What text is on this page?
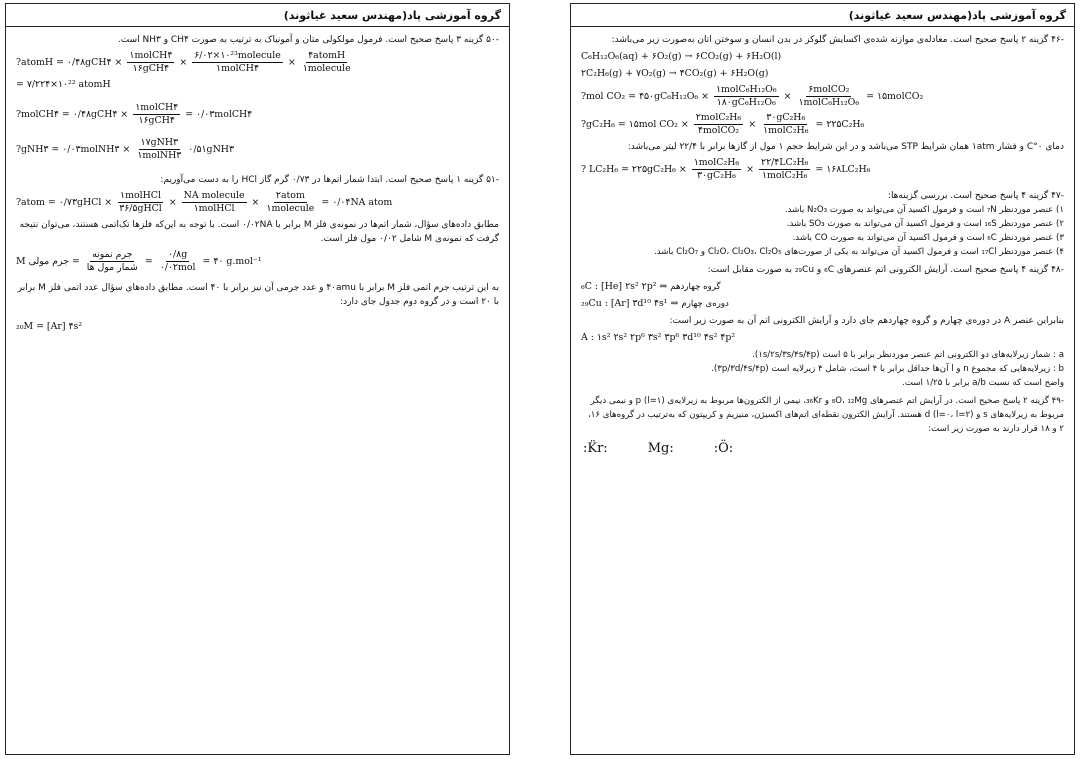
گروه آموزشی پاد(مهندس سعید غیاثوند)
-۵۰ گزینه ۳ پاسخ صحیح است. فرمول مولکولی متان و آمونیاک به ترتیب به صورت CH۴ و NH۳ است.
?atomH = ۰/۴۸gCH۴ × $\frac{\text{۱molCH۴}}{\text{۱۶gCH۴}} \times \frac{\text{۶/۰۲×۱۰²³molecule}}{\text{۱molCH۴}} \times \frac{\text{۴atomH}}{\text{۱molecule}}$
= ۷/۲۲۴×۱۰²² atomH
?molCH۴ = ۰/۴۸gCH۴ × $\frac{\text{۱molCH۴}}{\text{۱۶gCH۴}}$ = ۰/۰۳molCH۴
?gNH۳ = ۰/۰۳molNH۳ × $\frac{\text{۱۷gNH۳}}{\text{۱molNH۳}}$ ۰/۵۱gNH۳
-۵۱ گزینه ۱ پاسخ صحیح است. ابتدا شمار اتم‌ها در ۰/۷۳ گرم گاز HCl را به دست می‌آوریم:
?atom = ۰/۷۳gHCl × $\frac{\text{۱molHCl}}{\text{۳۶/۵gHCl}} \times \frac{\text{NA molecule}}{\text{۱molHCl}} \times \frac{\text{۲atom}}{\text{۱molecule}}$ = ۰/۰۴NA atom
مطابق داده‌های سؤال، شمار اتم‌ها در نمونه‌ی فلز M برابر با ۰/۰۲NA است. با توجه به این‌که فلزها تک‌اتمی هستند، می‌توان نتیجه گرفت که نمونه‌ی M شامل ۰/۰۲ مول فلز است.
M جرم مولی = $\frac{\text{جرم نمونه}}{\text{شمار مول ها}} = \frac{۰/۸g}{\text{۰/۰۲mol}}$ = ۴۰ g.mol⁻¹
به این ترتیب جرم اتمی فلز M برابر با ۴۰amu و عدد جرمی آن نیز برابر با ۴۰ است. مطابق داده‌های سؤال عدد اتمی فلز M برابر با ۲۰ است و در گروه دوم جدول جای دارد:
₂₀M = [Ar] ۴s²
گروه آموزشی پاد(مهندس سعید غیاثوند)
-۴۶ گزینه ۲ پاسخ صحیح است. معادله‌ی موازنه شده‌ی اکسایش گلوکز در بدن انسان و سوختن اتان به‌صورت زیر می‌باشد:
C₆H₁₂O₆(aq) + ۶O₂(g) → ۶CO₂(g) + ۶H₂O(l)
۲C₂H₆(g) + ۷O₂(g) → ۴CO₂(g) + ۶H₂O(g)
?mol CO₂ = ۴۵۰gC₆H₁₂O₆ × $\frac{\text{۱molC₆H₁₂O₆}}{\text{۱۸۰gC₆H₁₂O₆}} \times \frac{\text{۶molCO₂}}{\text{۱molC₆H₁₂O₆}}$ = ۱۵molCO₂
?gC₂H₆ = ۱۵mol $CO_2 \times \frac{\text{۲molC₂H₆}}{\text{۴molCO₂}} \times \frac{\text{۳۰gC₂H₆}}{\text{۱molC₂H₆}}$ = ۲۲۵C₂H₆
دمای ۰°C و فشار ۱atm همان شرایط STP می‌باشد و در این شرایط حجم ۱ مول از گازها برابر با ۲۲/۴ لیتر می‌باشد:
? LC₂H₆ = ۲۲۵gC₂H₆ × $\frac{\text{۱molC₂H₆}}{\text{۳۰gC₂H₆}} \times \frac{\text{۲۲/۴LC₂H₆}}{\text{۱molC₂H₆}}$ = ۱۶۸LC₂H₆
-۴۷ گزینه ۴ پاسخ صحیح است. بررسی گزینه‌ها:
۱) عنصر موردنظر ₇N است و فرمول اکسید آن می‌تواند به صورت N₂O₃ باشد.
۲) عنصر موردنظر ₁₆S است و فرمول اکسید آن می‌تواند به صورت SO₃ باشد.
۳) عنصر موردنظر ₆C است و فرمول اکسید آن می‌تواند به صورت CO باشد.
۴) عنصر موردنظر ₁₇Cl است و فرمول اکسید آن می‌تواند به یکی از صورت‌های Cl₂O، Cl₂O₃، Cl₂O₅ و Cl₂O₇ باشد.
-۴۸ گزینه ۴ پاسخ صحیح است. آرایش الکترونی اتم عنصرهای ₆C و ₂₉Cu به صورت مقابل است:
₆C : [He] ۲s² ۲p² ⇒ گروه چهاردهم
₂₉Cu : [Ar] ۳d¹⁰ ۴s¹ ⇒ دوره‌ی چهارم
بنابراین عنصر A در دوره‌ی چهارم و گروه چهاردهم جای دارد و آرایش الکترونی اتم آن به صورت زیر است:
A : ۱s² ۲s² ۲p⁶ ۳s² ۳p⁶ ۳d¹⁰ ۴s² ۴p²
a : شمار زیرلایه‌های دو الکترونی اتم عنصر موردنظر برابر با ۵ است (۱s/۲s/۳s/۴s/۴p).
b : زیرلایه‌هایی که مجموع n و l آن‌ها حداقل برابر با ۴ است، شامل ۴ زیرلایه است (۳p/۳d/۴s/۴p).
واضح است که نسبت a/b برابر با ۱/۲۵ است.
-۴۹ گزینه ۲ پاسخ صحیح است. در آرایش اتم عنصرهای ₈O، ₁₂Mg و ₃₆Kr، نیمی از الکترون‌ها مربوط به زیرلایه‌ی p (l=۱) و نیمی دیگر مربوط به زیرلایه‌های s و d (l=۰، l=۲) هستند. آرایش الکترون نقطه‌ای اتم‌های اکسیژن، منیزیم و کریپتون که به‌ترتیب در گروه‌های ۱۶، ۲ و ۱۸ قرار دارند به صورت زیر است:
:K̈r:	Mg:	:Ö:
